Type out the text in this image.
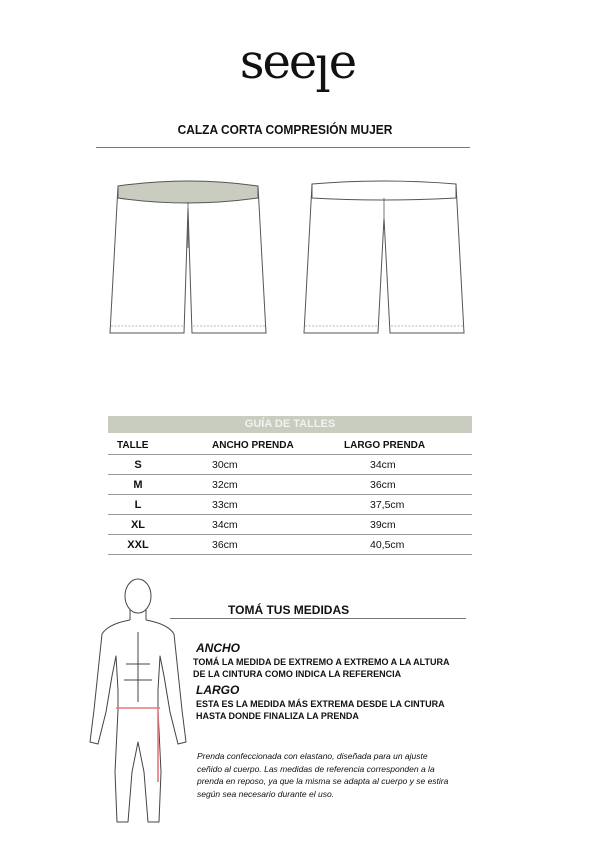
seele
CALZA CORTA COMPRESIÓN MUJER
GUÍA DE TALLES
TALLE	ANCHO PRENDA	LARGO PRENDA
S	30cm	34cm
M	32cm	36cm
L	33cm	37,5cm
XL	34cm	39cm
XXL	36cm	40,5cm
TOMÁ TUS MEDIDAS
ANCHO
TOMÁ LA MEDIDA DE EXTREMO A EXTREMO A LA ALTURA
DE LA CINTURA COMO INDICA LA REFERENCIA
LARGO
ESTA ES LA MEDIDA MÁS EXTREMA DESDE LA CINTURA
HASTA DONDE FINALIZA LA PRENDA
Prenda confeccionada con elastano, diseñada para un ajuste ceñido al cuerpo. Las medidas de referencia corresponden a la prenda en reposo, ya que la misma se adapta al cuerpo y se estira según sea necesario durante el uso.
